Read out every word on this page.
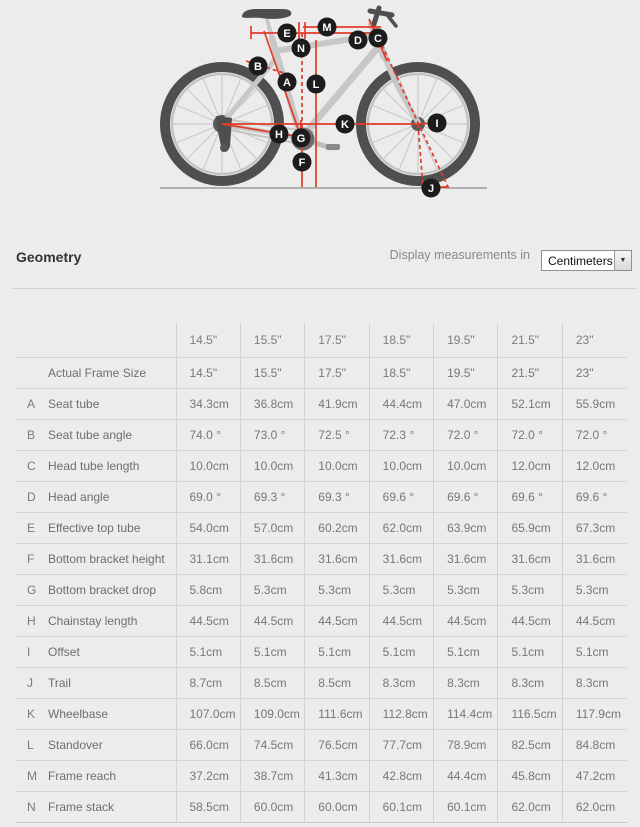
A
B
C
D
E
F
G
H
I
J
K
L
M
N
Geometry	Display measurements in	Centimeters ▼
	14.5"	15.5"	17.5"	18.5"	19.5"	21.5"	23"
Actual Frame Size	14.5"	15.5"	17.5"	18.5"	19.5"	21.5"	23"
A Seat tube	34.3cm	36.8cm	41.9cm	44.4cm	47.0cm	52.1cm	55.9cm
B Seat tube angle	74.0 °	73.0 °	72.5 °	72.3 °	72.0 °	72.0 °	72.0 °
C Head tube length	10.0cm	10.0cm	10.0cm	10.0cm	10.0cm	12.0cm	12.0cm
D Head angle	69.0 °	69.3 °	69.3 °	69.6 °	69.6 °	69.6 °	69.6 °
E Effective top tube	54.0cm	57.0cm	60.2cm	62.0cm	63.9cm	65.9cm	67.3cm
F Bottom bracket height	31.1cm	31.6cm	31.6cm	31.6cm	31.6cm	31.6cm	31.6cm
G Bottom bracket drop	5.8cm	5.3cm	5.3cm	5.3cm	5.3cm	5.3cm	5.3cm
H Chainstay length	44.5cm	44.5cm	44.5cm	44.5cm	44.5cm	44.5cm	44.5cm
I Offset	5.1cm	5.1cm	5.1cm	5.1cm	5.1cm	5.1cm	5.1cm
J Trail	8.7cm	8.5cm	8.5cm	8.3cm	8.3cm	8.3cm	8.3cm
K Wheelbase	107.0cm	109.0cm	111.6cm	112.8cm	114.4cm	116.5cm	117.9cm
L Standover	66.0cm	74.5cm	76.5cm	77.7cm	78.9cm	82.5cm	84.8cm
M Frame reach	37.2cm	38.7cm	41.3cm	42.8cm	44.4cm	45.8cm	47.2cm
N Frame stack	58.5cm	60.0cm	60.0cm	60.1cm	60.1cm	62.0cm	62.0cm
